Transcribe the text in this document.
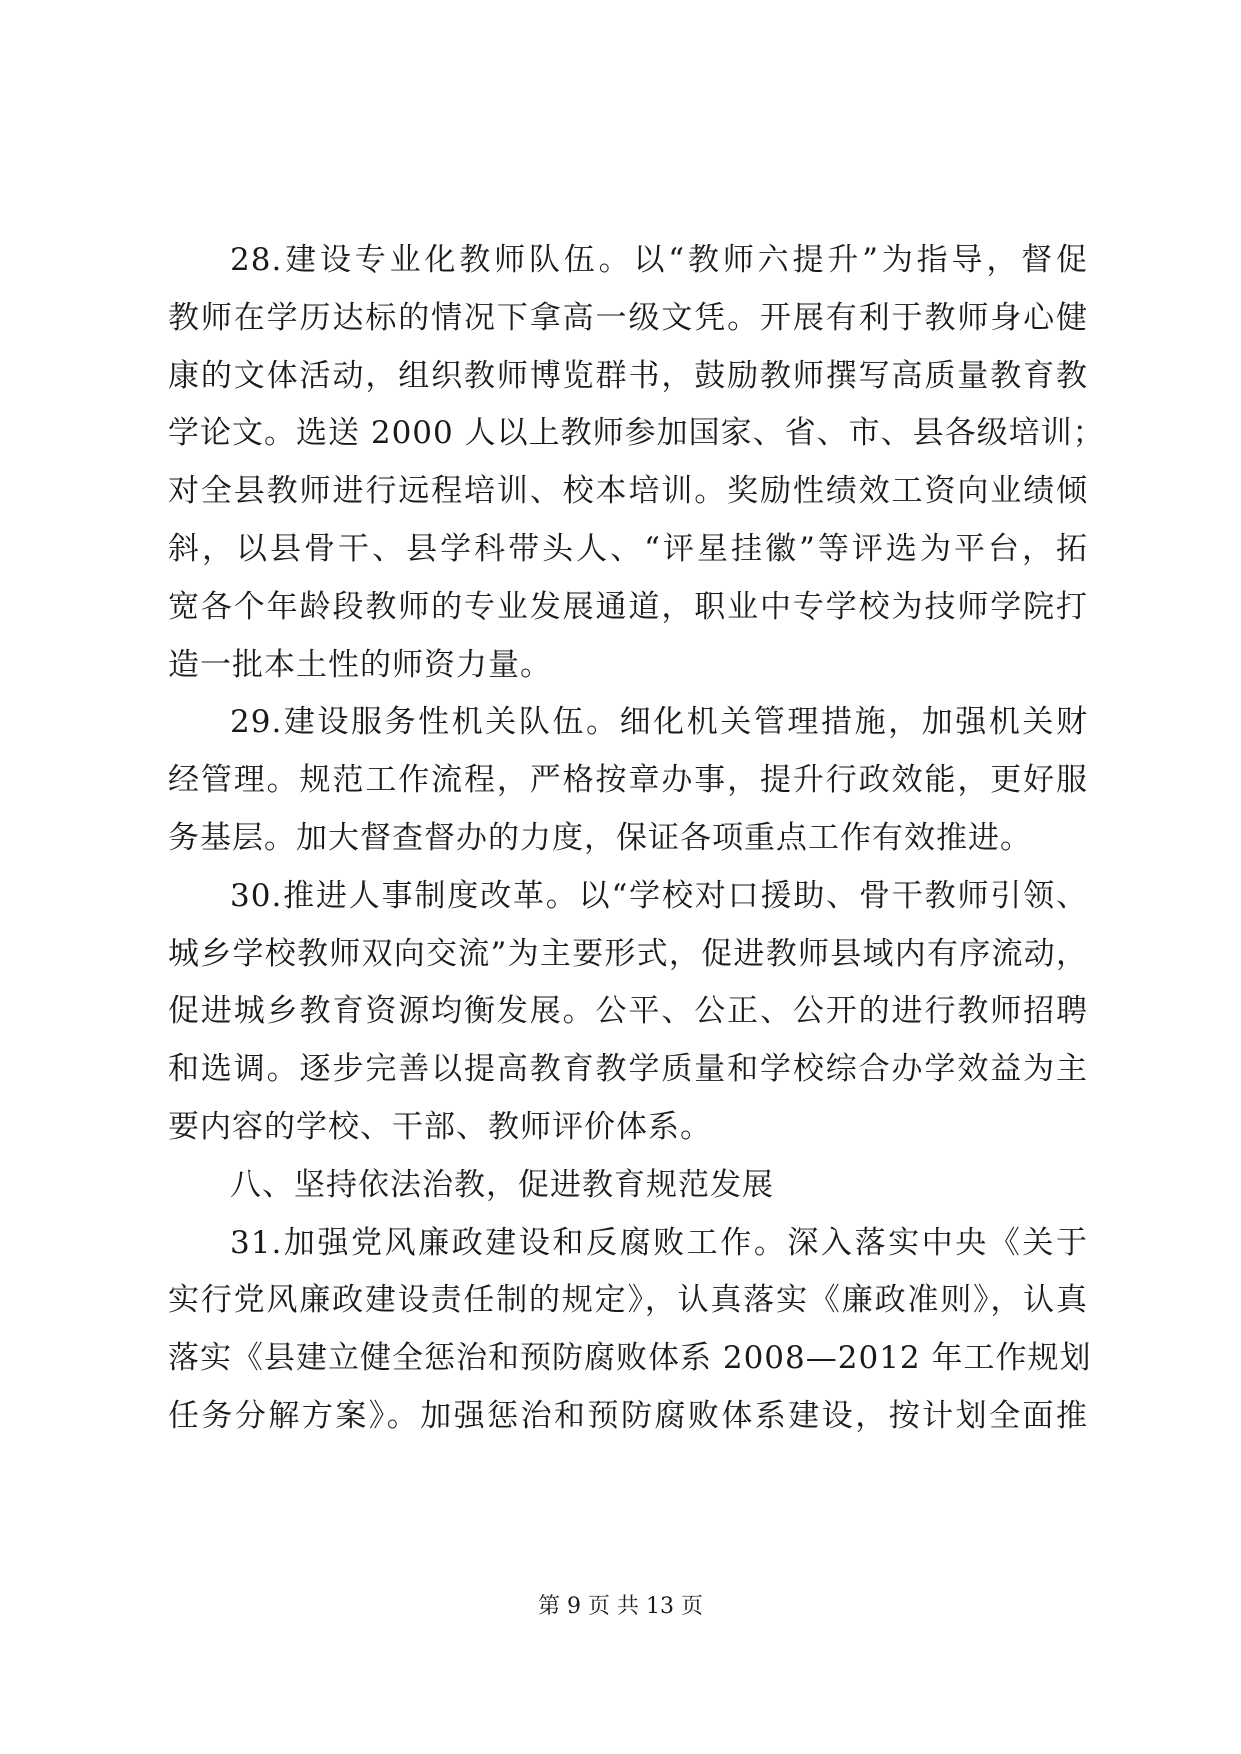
28.建设专业化教师队伍。以“教师六提升”为指导，督促
教师在学历达标的情况下拿高一级文凭。开展有利于教师身心健
康的文体活动，组织教师博览群书，鼓励教师撰写高质量教育教
学论文。选送 2000 人以上教师参加国家、省、市、县各级培训；
对全县教师进行远程培训、校本培训。奖励性绩效工资向业绩倾
斜，以县骨干、县学科带头人、“评星挂徽”等评选为平台，拓
宽各个年龄段教师的专业发展通道，职业中专学校为技师学院打
造一批本土性的师资力量。
29.建设服务性机关队伍。细化机关管理措施，加强机关财
经管理。规范工作流程，严格按章办事，提升行政效能，更好服
务基层。加大督查督办的力度，保证各项重点工作有效推进。
30.推进人事制度改革。以“学校对口援助、骨干教师引领、
城乡学校教师双向交流”为主要形式，促进教师县域内有序流动，
促进城乡教育资源均衡发展。公平、公正、公开的进行教师招聘
和选调。逐步完善以提高教育教学质量和学校综合办学效益为主
要内容的学校、干部、教师评价体系。
八、坚持依法治教，促进教育规范发展
31.加强党风廉政建设和反腐败工作。深入落实中央《关于
实行党风廉政建设责任制的规定》，认真落实《廉政准则》，认真
落实《县建立健全惩治和预防腐败体系 2008—2012 年工作规划
任务分解方案》。加强惩治和预防腐败体系建设，按计划全面推
第 9 页 共 13 页
